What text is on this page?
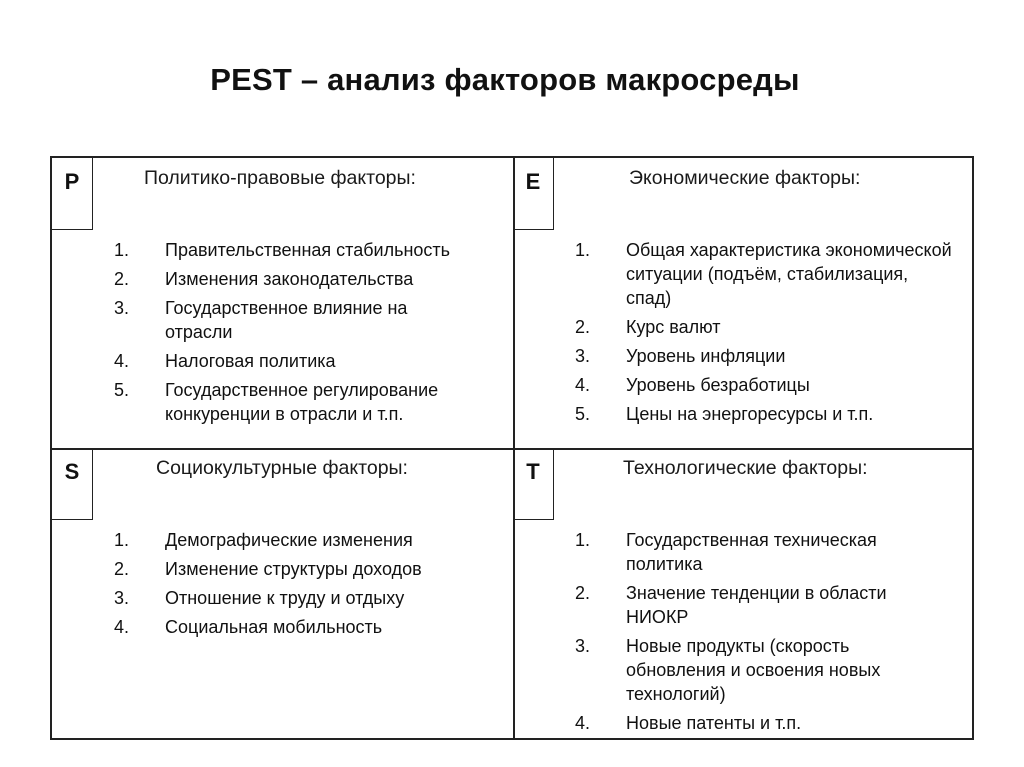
PEST – анализ факторов макросреды
P	Политико-правовые факторы:
1. Правительственная стабильность
2. Изменения законодательства
3. Государственное влияние на отрасли
4. Налоговая политика
5. Государственное регулирование конкуренции в отрасли и т.п.
E	Экономические факторы:
1. Общая характеристика экономической ситуации (подъём, стабилизация, спад)
2. Курс валют
3. Уровень инфляции
4. Уровень безработицы
5. Цены на энергоресурсы и т.п.
S	Социокультурные факторы:
1. Демографические изменения
2. Изменение структуры доходов
3. Отношение к труду и отдыху
4. Социальная мобильность
T	Технологические факторы:
1. Государственная техническая политика
2. Значение тенденции в области НИОКР
3. Новые продукты (скорость обновления и освоения новых технологий)
4. Новые патенты и т.п.
